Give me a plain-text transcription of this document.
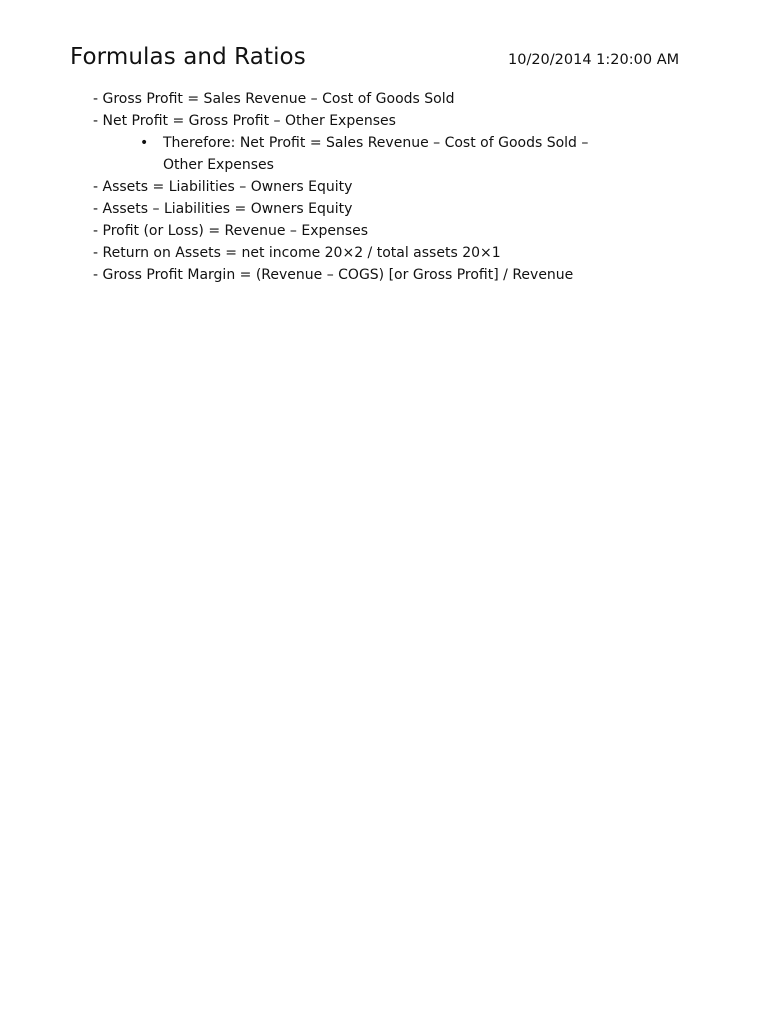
Formulas and Ratios	10/20/2014 1:20:00 AM
- Gross Profit = Sales Revenue – Cost of Goods Sold
- Net Profit = Gross Profit – Other Expenses
• Therefore: Net Profit = Sales Revenue – Cost of Goods Sold –
Other Expenses
- Assets = Liabilities – Owners Equity
- Assets – Liabilities = Owners Equity
- Profit (or Loss) = Revenue – Expenses
- Return on Assets = net income 20×2 / total assets 20×1
- Gross Profit Margin = (Revenue – COGS) [or Gross Profit] / Revenue
